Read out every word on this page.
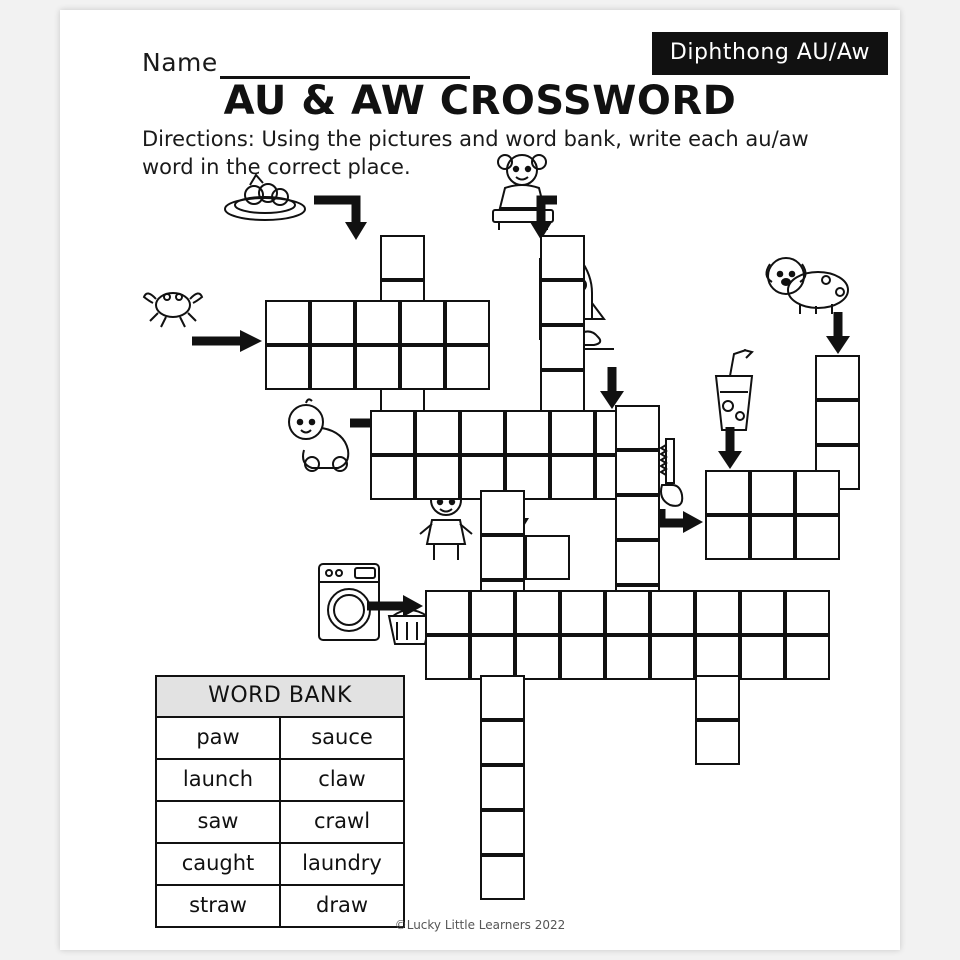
Name	Diphthong AU/Aw
AU & AW CROSSWORD
Directions: Using the pictures and word bank, write each au/aw word in the correct place.
WORD BANK
paw	sauce
launch	claw
saw	crawl
caught	laundry
straw	draw
©Lucky Little Learners 2022
